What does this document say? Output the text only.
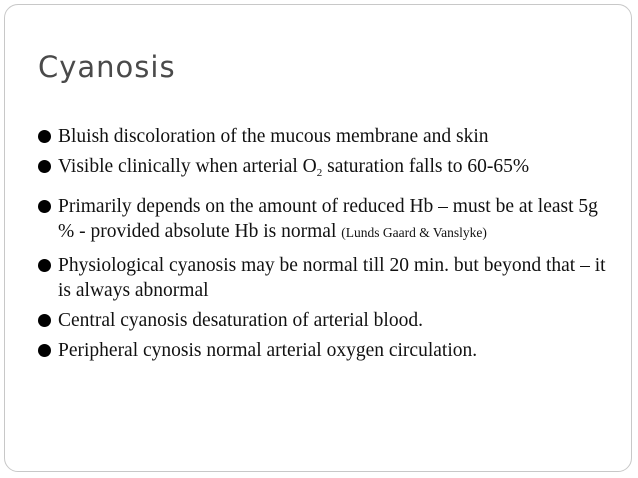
Cyanosis
Bluish discoloration of the mucous membrane and skin
Visible clinically when arterial $O_2$ saturation falls to 60-65%
Primarily depends on the amount of reduced Hb – must be at least 5g % - provided absolute Hb is normal (Lunds Gaard & Vanslyke)
Physiological cyanosis may be normal till 20 min. but beyond that – it is always abnormal
Central cyanosis desaturation of arterial blood.
Peripheral cynosis normal arterial oxygen circulation.
